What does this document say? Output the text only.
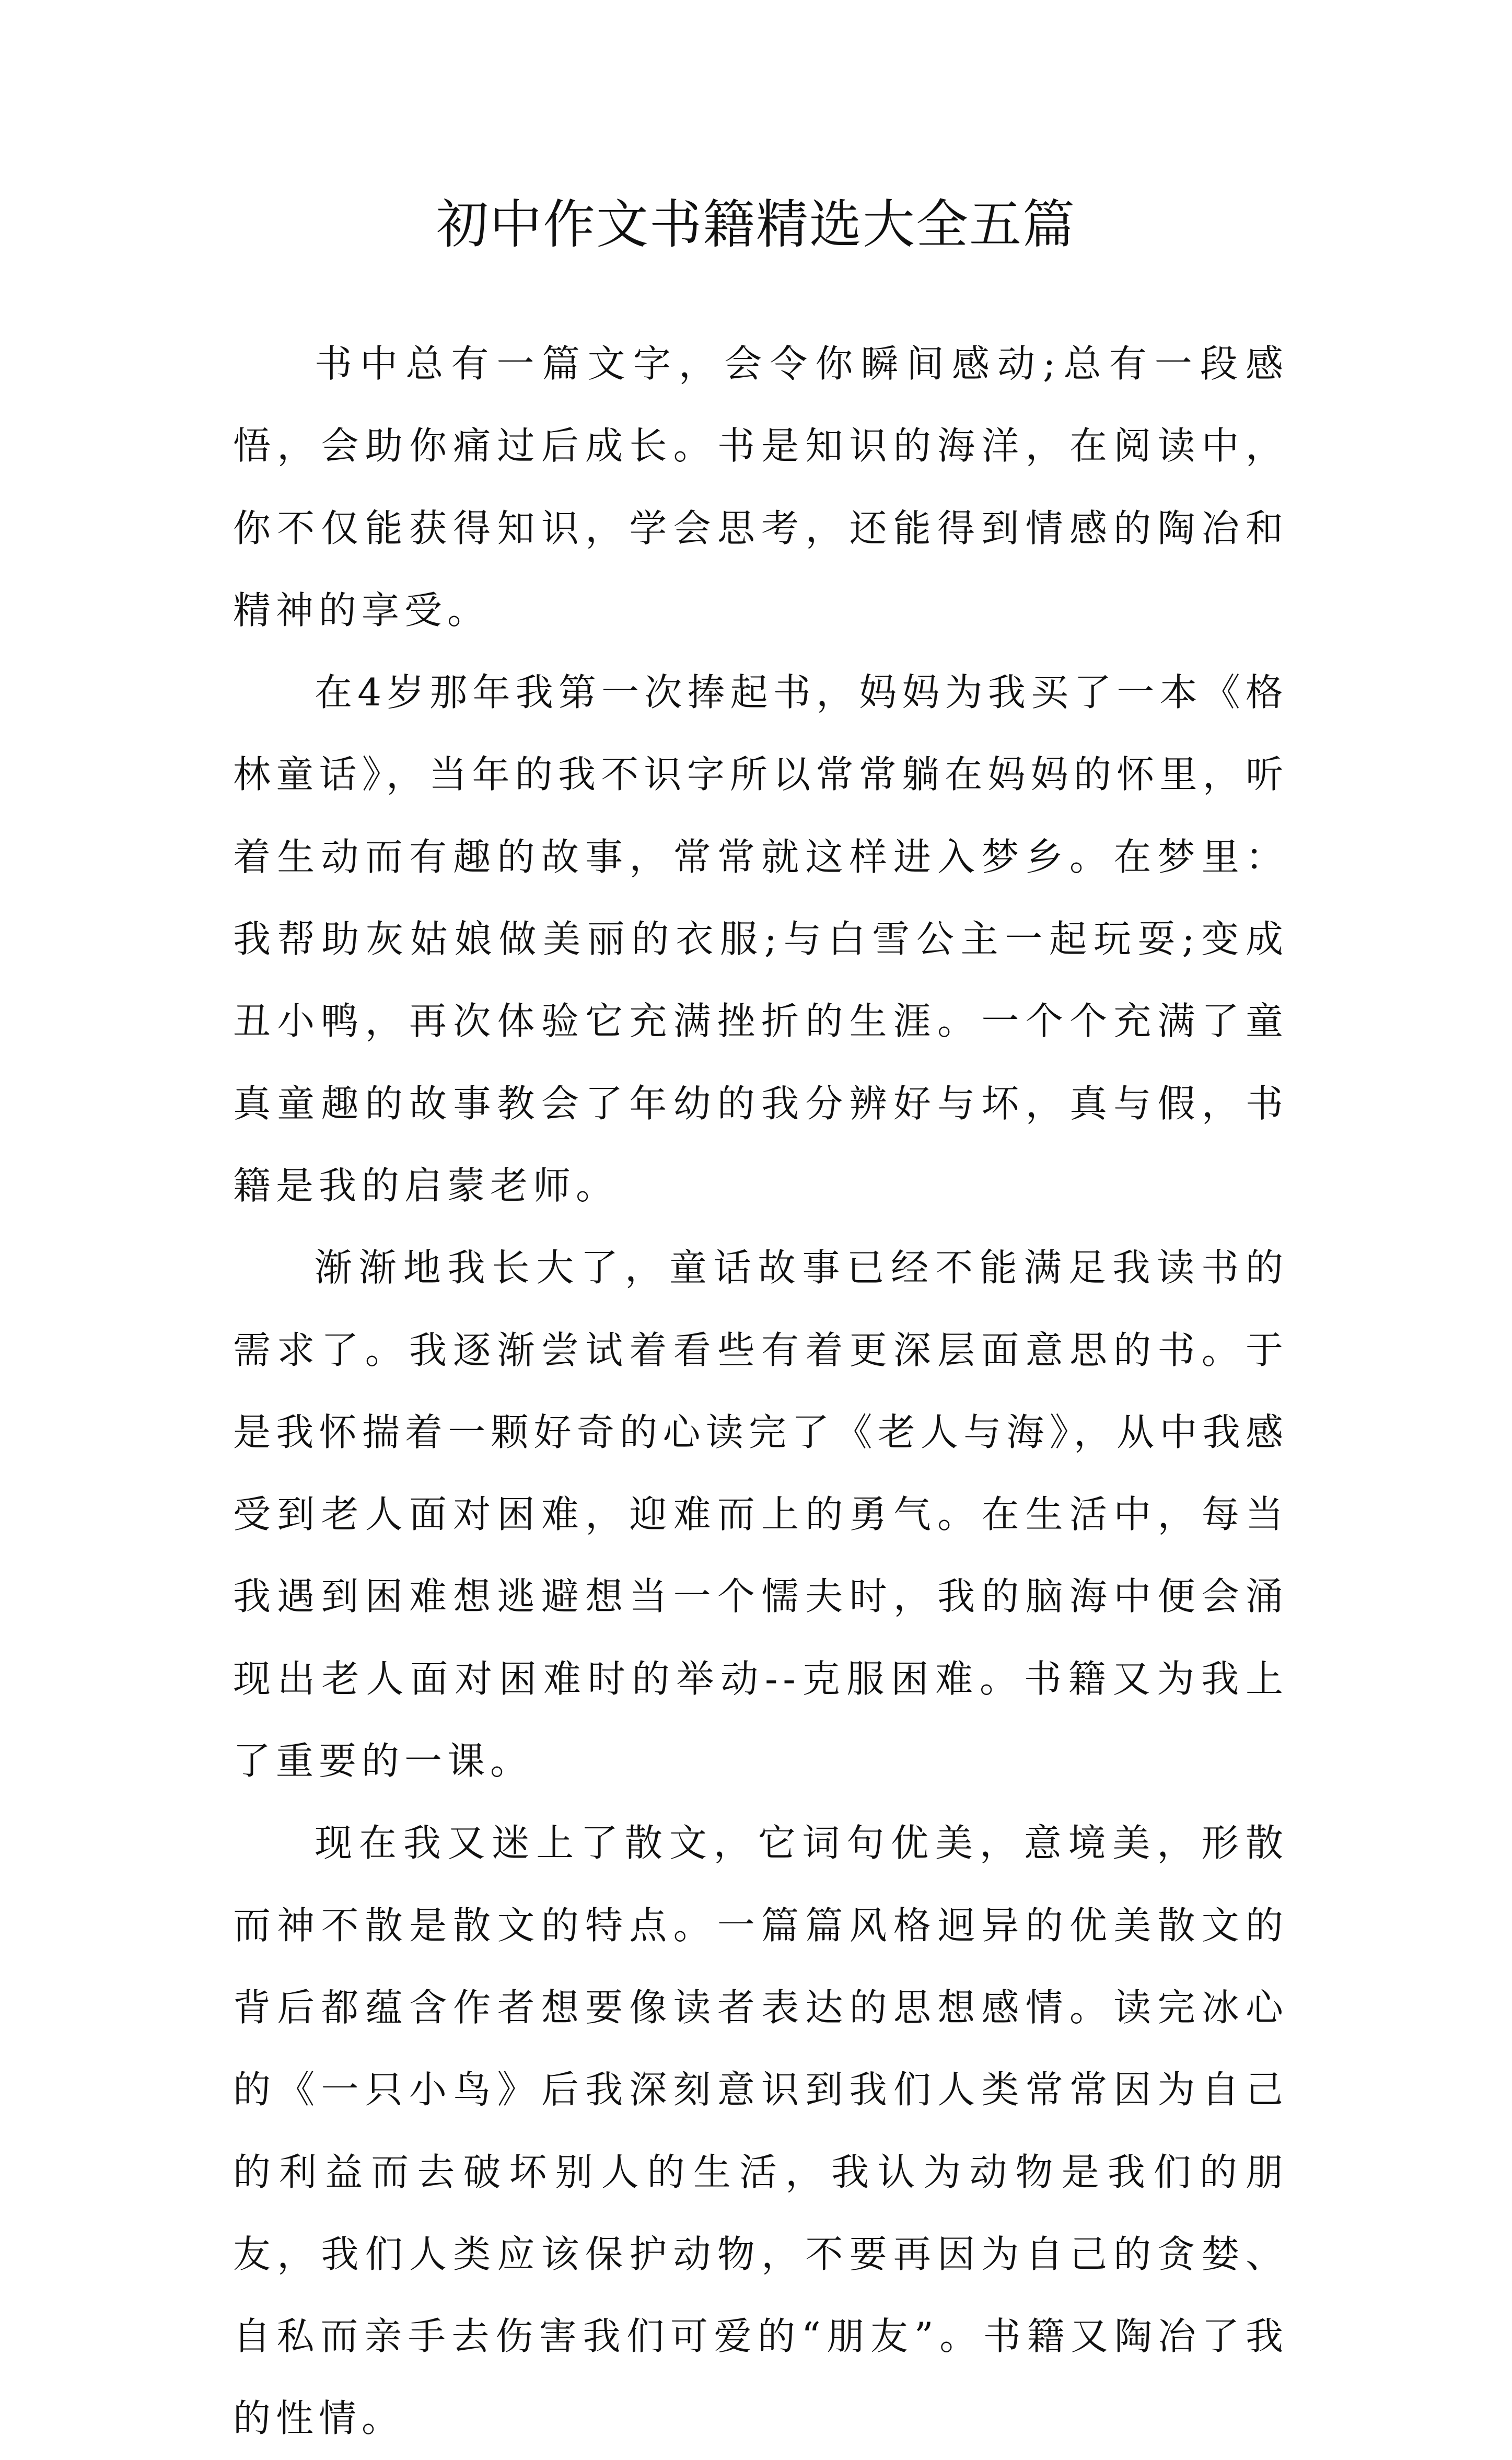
初中作文书籍精选大全五篇

书中总有一篇文字，会令你瞬间感动;总有一段感悟，会助你痛过后成长。书是知识的海洋，在阅读中，你不仅能获得知识，学会思考，还能得到情感的陶冶和精神的享受。

在4岁那年我第一次捧起书，妈妈为我买了一本《格林童话》，当年的我不识字所以常常躺在妈妈的怀里，听着生动而有趣的故事，常常就这样进入梦乡。在梦里：我帮助灰姑娘做美丽的衣服;与白雪公主一起玩耍;变成丑小鸭，再次体验它充满挫折的生涯。一个个充满了童真童趣的故事教会了年幼的我分辨好与坏，真与假，书籍是我的启蒙老师。

渐渐地我长大了，童话故事已经不能满足我读书的需求了。我逐渐尝试着看些有着更深层面意思的书。于是我怀揣着一颗好奇的心读完了《老人与海》，从中我感受到老人面对困难，迎难而上的勇气。在生活中，每当我遇到困难想逃避想当一个懦夫时，我的脑海中便会涌现出老人面对困难时的举动--克服困难。书籍又为我上了重要的一课。

现在我又迷上了散文，它词句优美，意境美，形散而神不散是散文的特点。一篇篇风格迥异的优美散文的背后都蕴含作者想要像读者表达的思想感情。读完冰心的《一只小鸟》后我深刻意识到我们人类常常因为自己的利益而去破坏别人的生活，我认为动物是我们的朋友，我们人类应该保护动物，不要再因为自己的贪婪、自私而亲手去伤害我们可爱的“朋友”。书籍又陶冶了我的性情。
